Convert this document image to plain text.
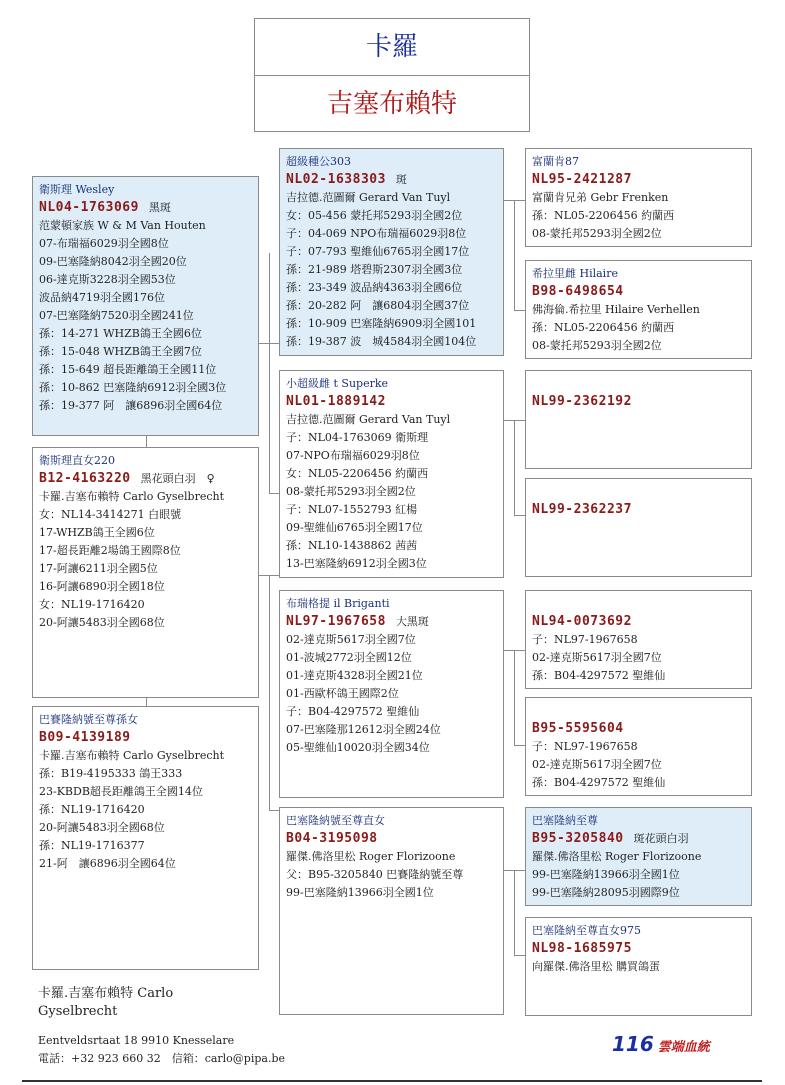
卡羅
吉塞布賴特
衛斯理 Wesley
NL04-1763069 黑斑
范蒙頓家族 W & M Van Houten
07-布瑞福6029羽全國8位
09-巴塞隆納8042羽全國20位
06-達克斯3228羽全國53位
波品納4719羽全國176位
07-巴塞隆納7520羽全國241位
孫：14-271 WHZB鴿王全國6位
孫：15-048 WHZB鴿王全國7位
孫：15-649 超長距離鴿王全國11位
孫：10-862 巴塞隆納6912羽全國3位
孫：19-377 阿　讓6896羽全國64位
超級種公303
NL02-1638303 斑
吉拉德.范圖爾 Gerard Van Tuyl
女：05-456 蒙托邦5293羽全國2位
子：04-069 NPO布瑞福6029羽8位
子：07-793 聖維仙6765羽全國17位
孫：21-989 塔碧斯2307羽全國3位
孫：23-349 波品納4363羽全國6位
孫：20-282 阿　讓6804羽全國37位
孫：10-909 巴塞隆納6909羽全國101
孫：19-387 波　城4584羽全國104位
富蘭肯87
NL95-2421287
富蘭肯兄弟 Gebr Frenken
孫：NL05-2206456 約蘭西
08-蒙托邦5293羽全國2位
希拉里雌 Hilaire
B98-6498654
佛海倫.希拉里 Hilaire Verhellen
孫：NL05-2206456 約蘭西
08-蒙托邦5293羽全國2位
小超級雌 t Superke
NL01-1889142
吉拉德.范圖爾 Gerard Van Tuyl
子：NL04-1763069 衛斯理
07-NPO布瑞福6029羽8位
女：NL05-2206456 約蘭西
08-蒙托邦5293羽全國2位
子：NL07-1552793 紅楊
09-聖維仙6765羽全國17位
孫：NL10-1438862 茜茜
13-巴塞隆納6912羽全國3位
NL99-2362192
NL99-2362237
衛斯理直女220
B12-4163220 黑花頭白羽　♀
卡羅.吉塞布賴特 Carlo Gyselbrecht
女：NL14-3414271 白眼號
17-WHZB鴿王全國6位
17-超長距離2場鴿王國際8位
17-阿讓6211羽全國5位
16-阿讓6890羽全國18位
女：NL19-1716420
20-阿讓5483羽全國68位
布瑞格提 il Briganti
NL97-1967658 大黑斑
02-達克斯5617羽全國7位
01-波城2772羽全國12位
01-達克斯4328羽全國21位
01-西歐杯鴿王國際2位
子：B04-4297572 聖維仙
07-巴塞隆那12612羽全國24位
05-聖維仙10020羽全國34位
NL94-0073692
子：NL97-1967658
02-達克斯5617羽全國7位
孫：B04-4297572 聖維仙
B95-5595604
子：NL97-1967658
02-達克斯5617羽全國7位
孫：B04-4297572 聖維仙
巴賽隆納號至尊孫女
B09-4139189
卡羅.吉塞布賴特 Carlo Gyselbrecht
孫：B19-4195333 鴿王333
23-KBDB超長距離鴿王全國14位
孫：NL19-1716420
20-阿讓5483羽全國68位
孫：NL19-1716377
21-阿　讓6896羽全國64位
巴塞隆納號至尊直女
B04-3195098
羅傑.佛洛里松 Roger Florizoone
父：B95-3205840 巴賽隆納號至尊
99-巴塞隆納13966羽全國1位
巴塞隆納至尊
B95-3205840 斑花頭白羽
羅傑.佛洛里松 Roger Florizoone
99-巴塞隆納13966羽全國1位
99-巴塞隆納28095羽國際9位
巴塞隆納至尊直女975
NL98-1685975
向羅傑.佛洛里松 購買鴿蛋
卡羅.吉塞布賴特 Carlo Gyselbrecht
Eentveldsrtaat 18 9910 Knesselare
電話：+32 923 660 32　信箱：carlo@pipa.be
116 雲端血統
